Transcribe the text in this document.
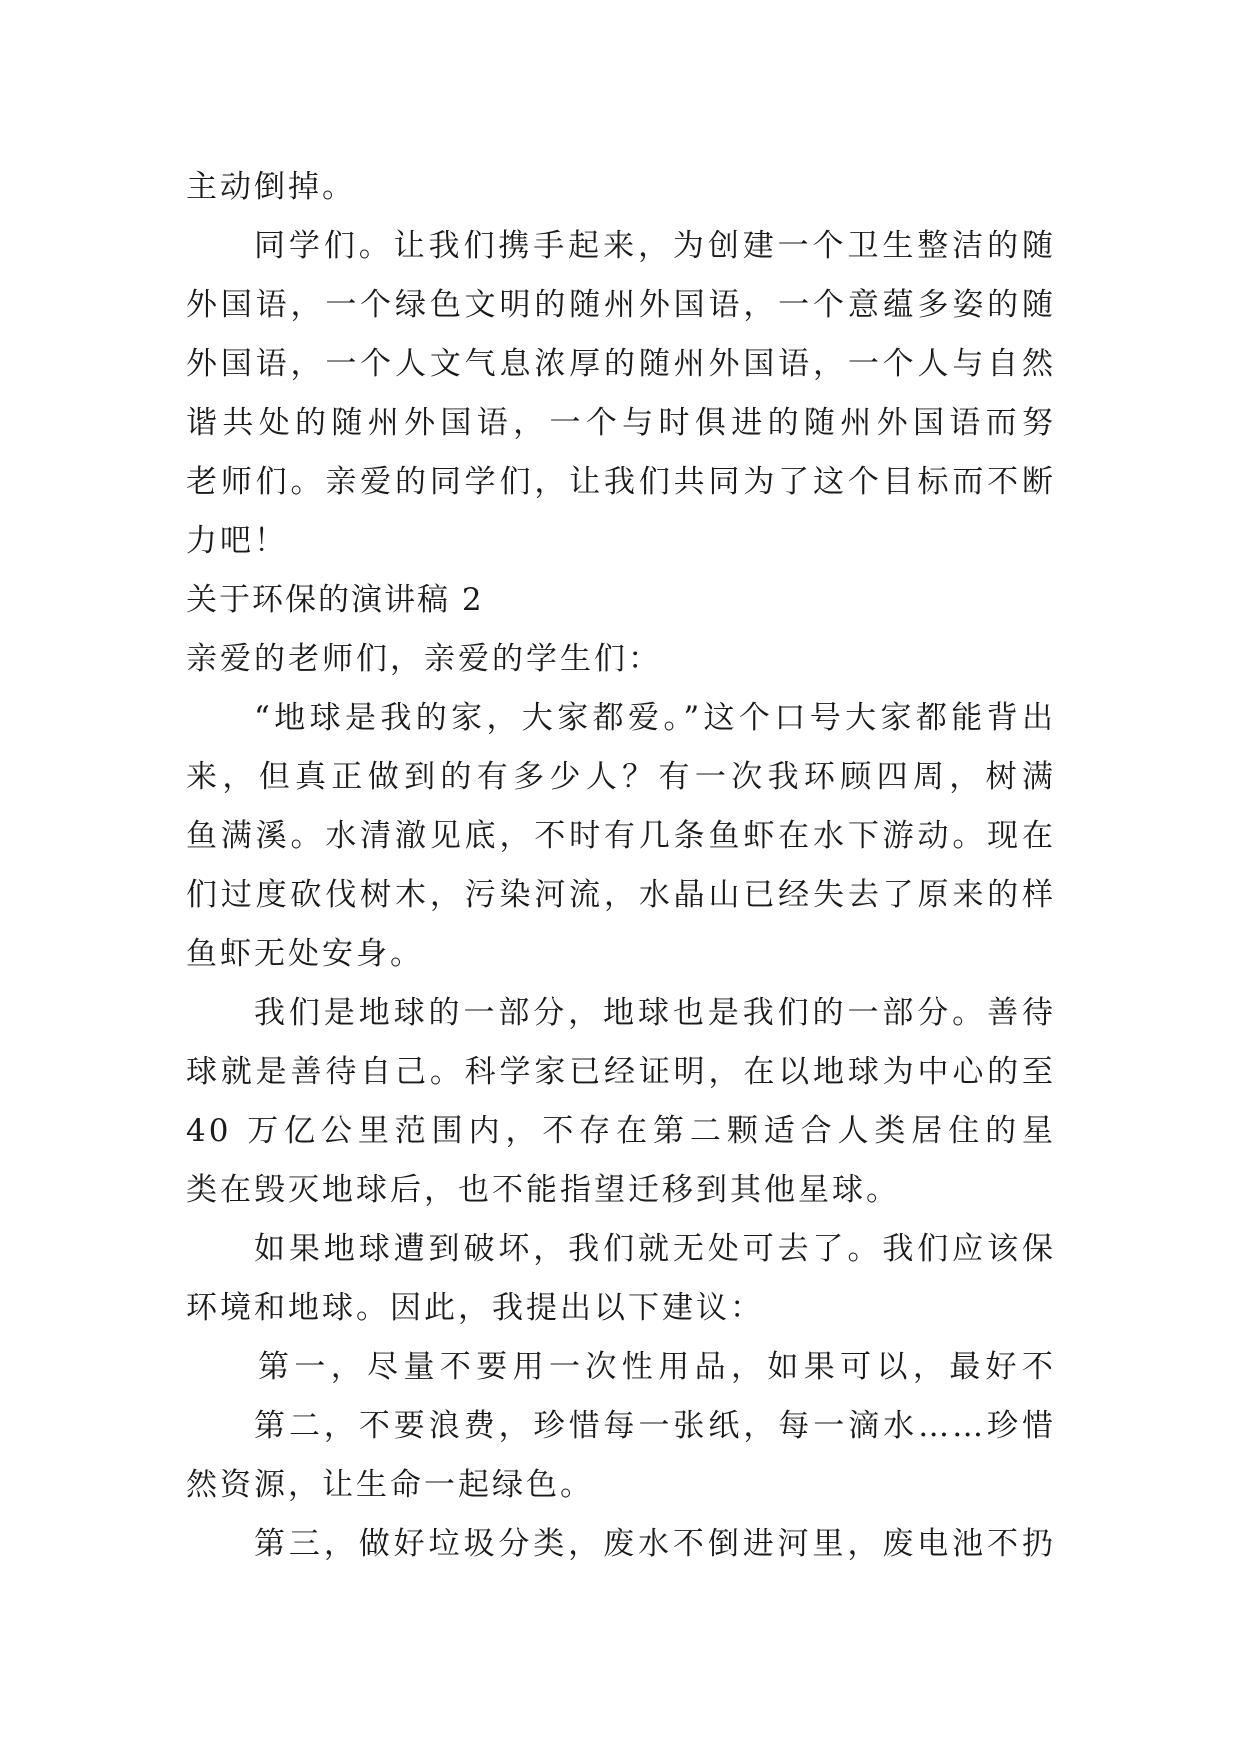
主动倒掉。
同学们。让我们携手起来，为创建一个卫生整洁的随
外国语，一个绿色文明的随州外国语，一个意蕴多姿的随
外国语，一个人文气息浓厚的随州外国语，一个人与自然
谐共处的随州外国语，一个与时俱进的随州外国语而努
老师们。亲爱的同学们，让我们共同为了这个目标而不断
力吧！
关于环保的演讲稿 2
亲爱的老师们，亲爱的学生们：
“地球是我的家，大家都爱。”这个口号大家都能背出
来，但真正做到的有多少人？有一次我环顾四周，树满
鱼满溪。水清澈见底，不时有几条鱼虾在水下游动。现在
们过度砍伐树木，污染河流，水晶山已经失去了原来的样
鱼虾无处安身。
我们是地球的一部分，地球也是我们的一部分。善待
球就是善待自己。科学家已经证明，在以地球为中心的至
40 万亿公里范围内，不存在第二颗适合人类居住的星
类在毁灭地球后，也不能指望迁移到其他星球。
如果地球遭到破坏，我们就无处可去了。我们应该保
环境和地球。因此，我提出以下建议：
第一，尽量不要用一次性用品，如果可以，最好不
第二，不要浪费，珍惜每一张纸，每一滴水……珍惜
然资源，让生命一起绿色。
第三，做好垃圾分类，废水不倒进河里，废电池不扔
